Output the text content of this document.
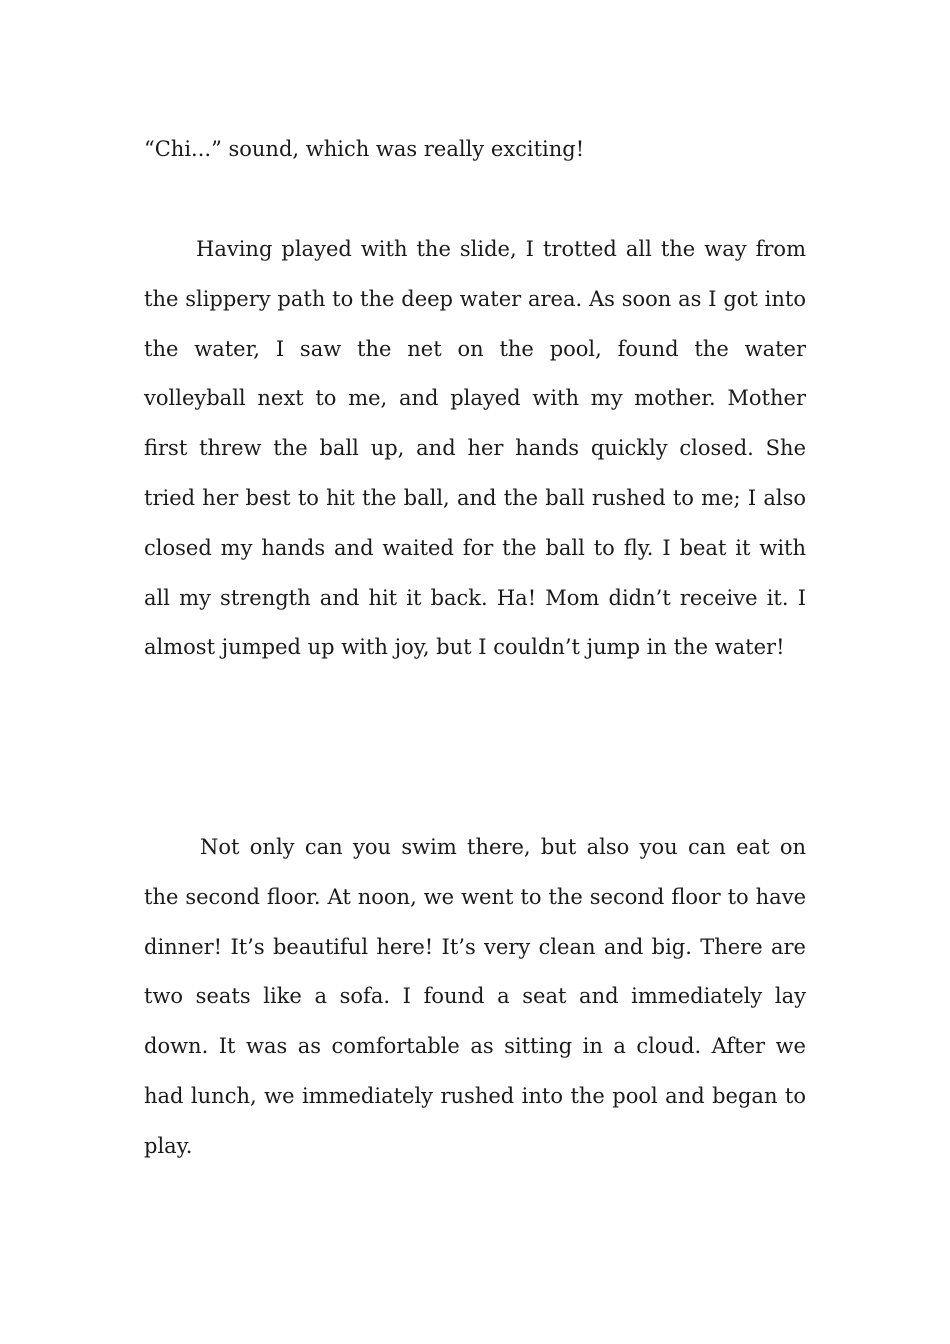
“Chi...” sound, which was really exciting!

Having played with the slide, I trotted all the way from the slippery path to the deep water area. As soon as I got into the water, I saw the net on the pool, found the water volleyball next to me, and played with my mother. Mother first threw the ball up, and her hands quickly closed. She tried her best to hit the ball, and the ball rushed to me; I also closed my hands and waited for the ball to fly. I beat it with all my strength and hit it back. Ha! Mom didn’t receive it. I almost jumped up with joy, but I couldn’t jump in the water!

Not only can you swim there, but also you can eat on the second floor. At noon, we went to the second floor to have dinner! It’s beautiful here! It’s very clean and big. There are two seats like a sofa. I found a seat and immediately lay down. It was as comfortable as sitting in a cloud. After we had lunch, we immediately rushed into the pool and began to play.
